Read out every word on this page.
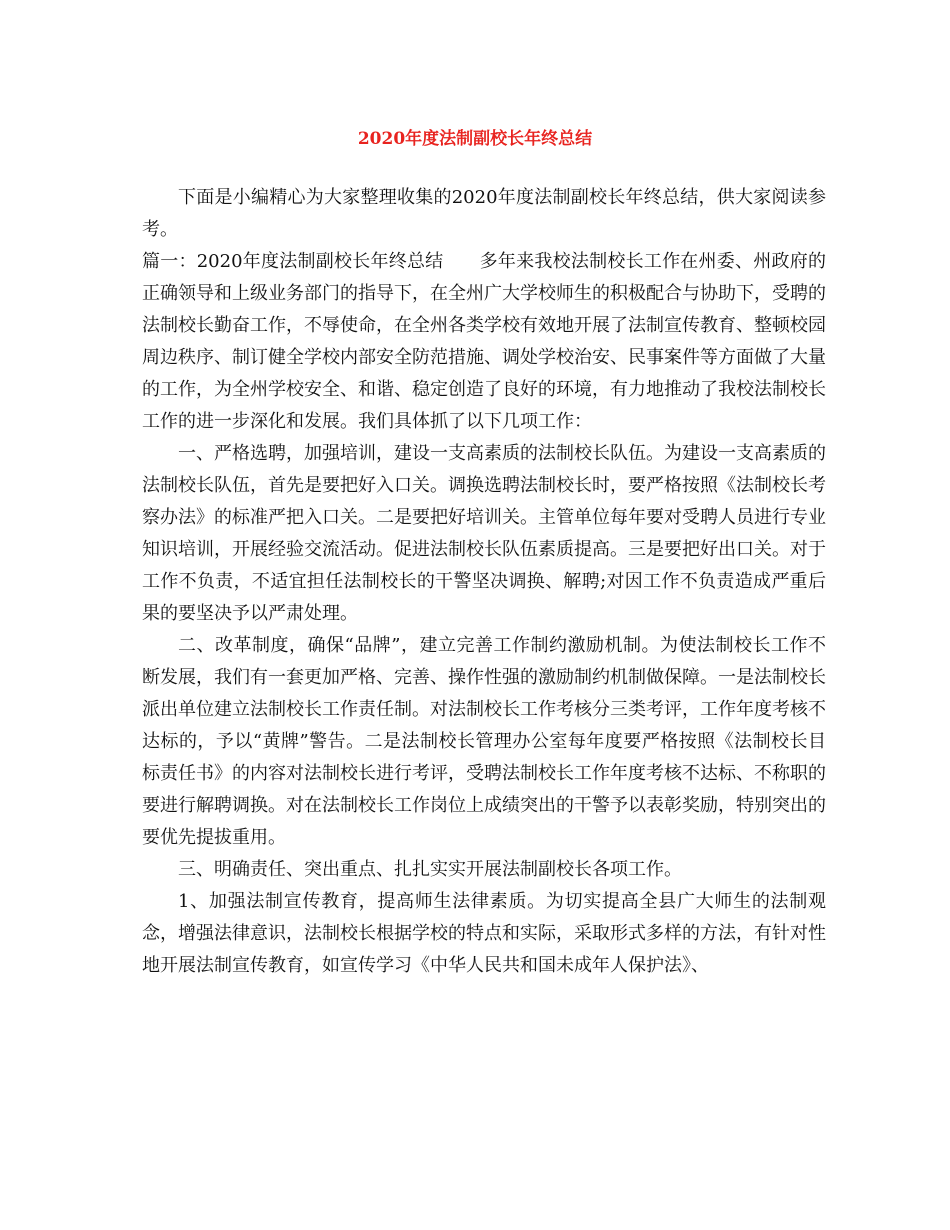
2020年度法制副校长年终总结

下面是小编精心为大家整理收集的2020年度法制副校长年终总结，供大家阅读参考。

篇一：2020年度法制副校长年终总结 多年来我校法制校长工作在州委、州政府的正确领导和上级业务部门的指导下，在全州广大学校师生的积极配合与协助下，受聘的法制校长勤奋工作，不辱使命，在全州各类学校有效地开展了法制宣传教育、整顿校园周边秩序、制订健全学校内部安全防范措施、调处学校治安、民事案件等方面做了大量的工作，为全州学校安全、和谐、稳定创造了良好的环境，有力地推动了我校法制校长工作的进一步深化和发展。我们具体抓了以下几项工作：

一、严格选聘，加强培训，建设一支高素质的法制校长队伍。为建设一支高素质的法制校长队伍，首先是要把好入口关。调换选聘法制校长时，要严格按照《法制校长考察办法》的标准严把入口关。二是要把好培训关。主管单位每年要对受聘人员进行专业知识培训，开展经验交流活动。促进法制校长队伍素质提高。三是要把好出口关。对于工作不负责，不适宜担任法制校长的干警坚决调换、解聘;对因工作不负责造成严重后果的要坚决予以严肃处理。

二、改革制度，确保“品牌”，建立完善工作制约激励机制。为使法制校长工作不断发展，我们有一套更加严格、完善、操作性强的激励制约机制做保障。一是法制校长派出单位建立法制校长工作责任制。对法制校长工作考核分三类考评，工作年度考核不达标的，予以“黄牌”警告。二是法制校长管理办公室每年度要严格按照《法制校长目标责任书》的内容对法制校长进行考评，受聘法制校长工作年度考核不达标、不称职的要进行解聘调换。对在法制校长工作岗位上成绩突出的干警予以表彰奖励，特别突出的要优先提拔重用。

三、明确责任、突出重点、扎扎实实开展法制副校长各项工作。

1、加强法制宣传教育，提高师生法律素质。为切实提高全县广大师生的法制观念，增强法律意识，法制校长根据学校的特点和实际，采取形式多样的方法，有针对性地开展法制宣传教育，如宣传学习《中华人民共和国未成年人保护法》、
